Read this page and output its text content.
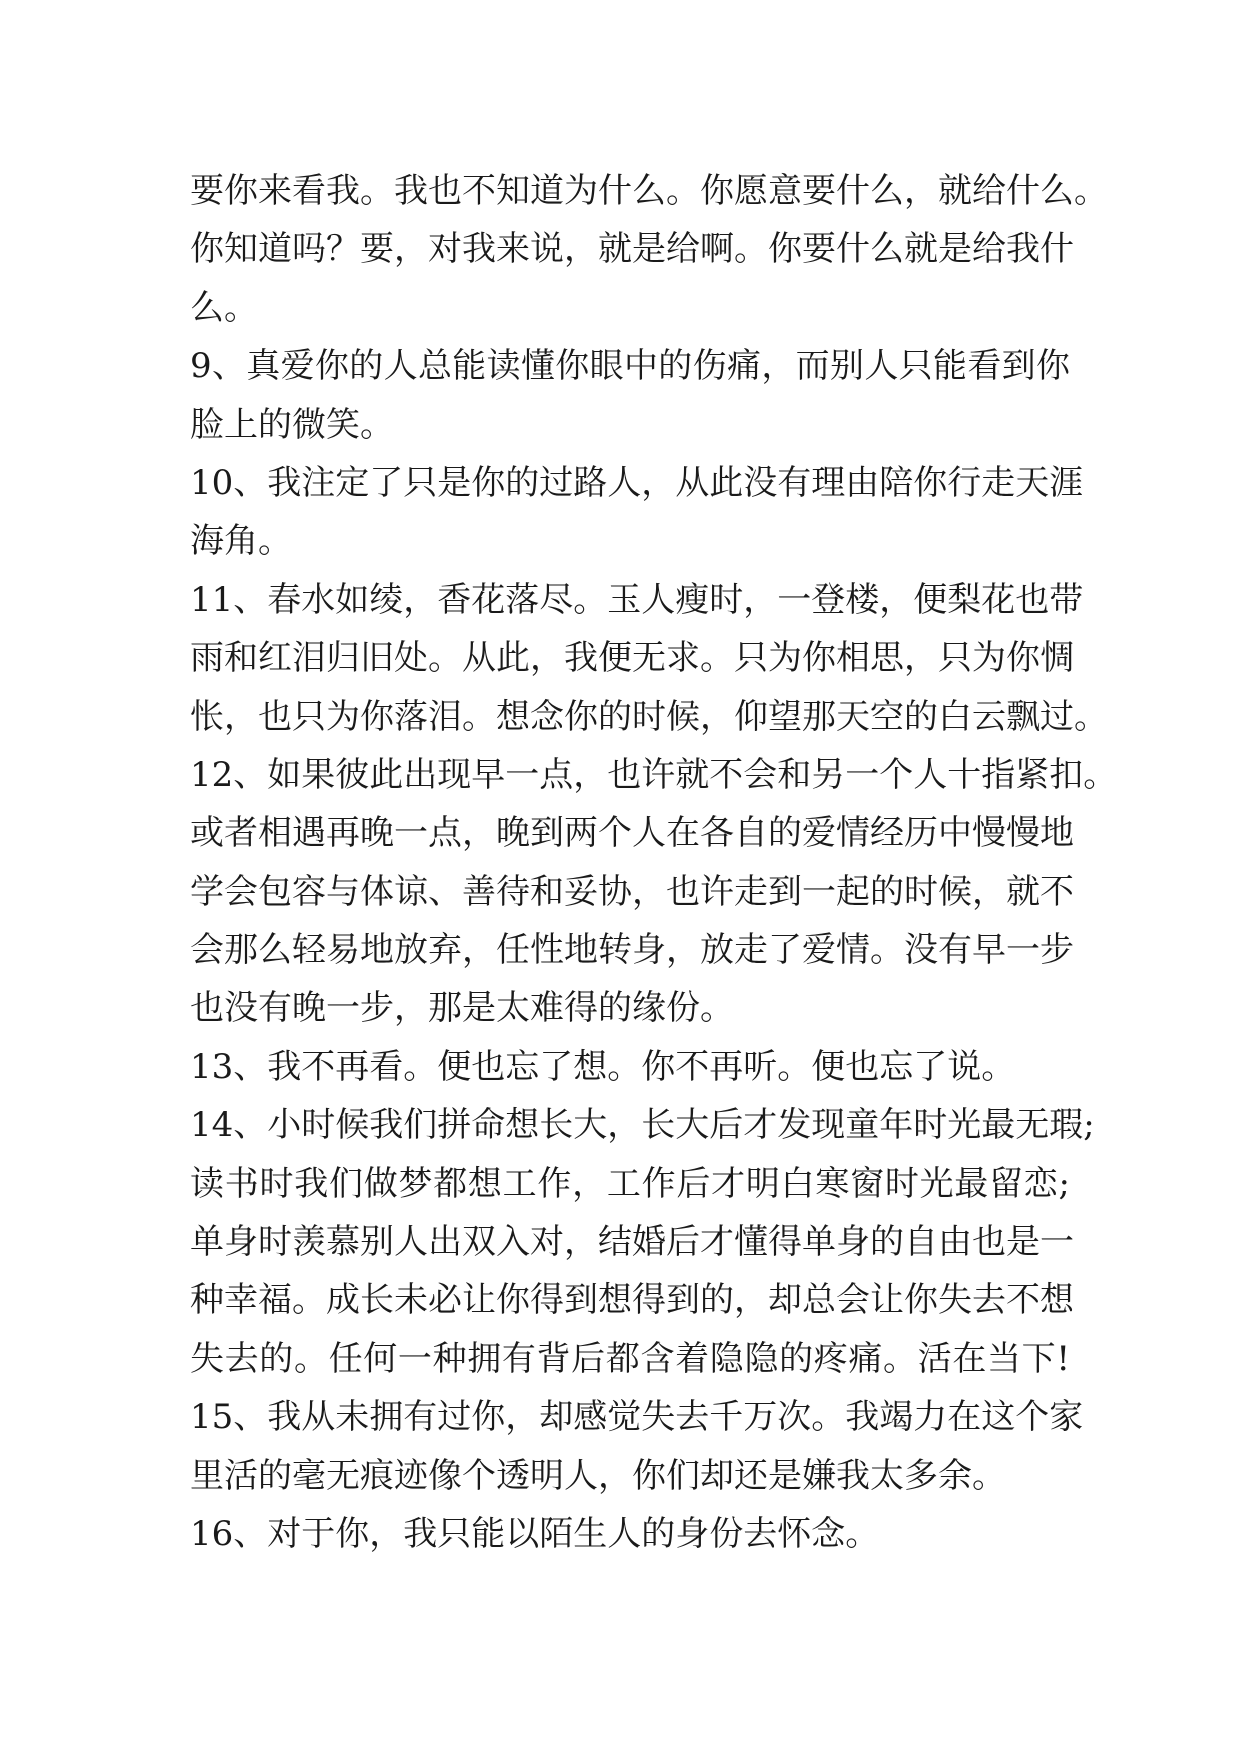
要你来看我。我也不知道为什么。你愿意要什么，就给什么。
你知道吗？要，对我来说，就是给啊。你要什么就是给我什
么。
9、真爱你的人总能读懂你眼中的伤痛，而别人只能看到你
脸上的微笑。
10、我注定了只是你的过路人，从此没有理由陪你行走天涯
海角。
11、春水如绫，香花落尽。玉人瘦时，一登楼，便梨花也带
雨和红泪归旧处。从此，我便无求。只为你相思，只为你惆
怅，也只为你落泪。想念你的时候，仰望那天空的白云飘过。
12、如果彼此出现早一点，也许就不会和另一个人十指紧扣。
或者相遇再晚一点，晚到两个人在各自的爱情经历中慢慢地
学会包容与体谅、善待和妥协，也许走到一起的时候，就不
会那么轻易地放弃，任性地转身，放走了爱情。没有早一步
也没有晚一步，那是太难得的缘份。
13、我不再看。便也忘了想。你不再听。便也忘了说。
14、小时候我们拼命想长大，长大后才发现童年时光最无瑕;
读书时我们做梦都想工作，工作后才明白寒窗时光最留恋;
单身时羡慕别人出双入对，结婚后才懂得单身的自由也是一
种幸福。成长未必让你得到想得到的，却总会让你失去不想
失去的。任何一种拥有背后都含着隐隐的疼痛。活在当下!
15、我从未拥有过你，却感觉失去千万次。我竭力在这个家
里活的毫无痕迹像个透明人，你们却还是嫌我太多余。
16、对于你，我只能以陌生人的身份去怀念。
